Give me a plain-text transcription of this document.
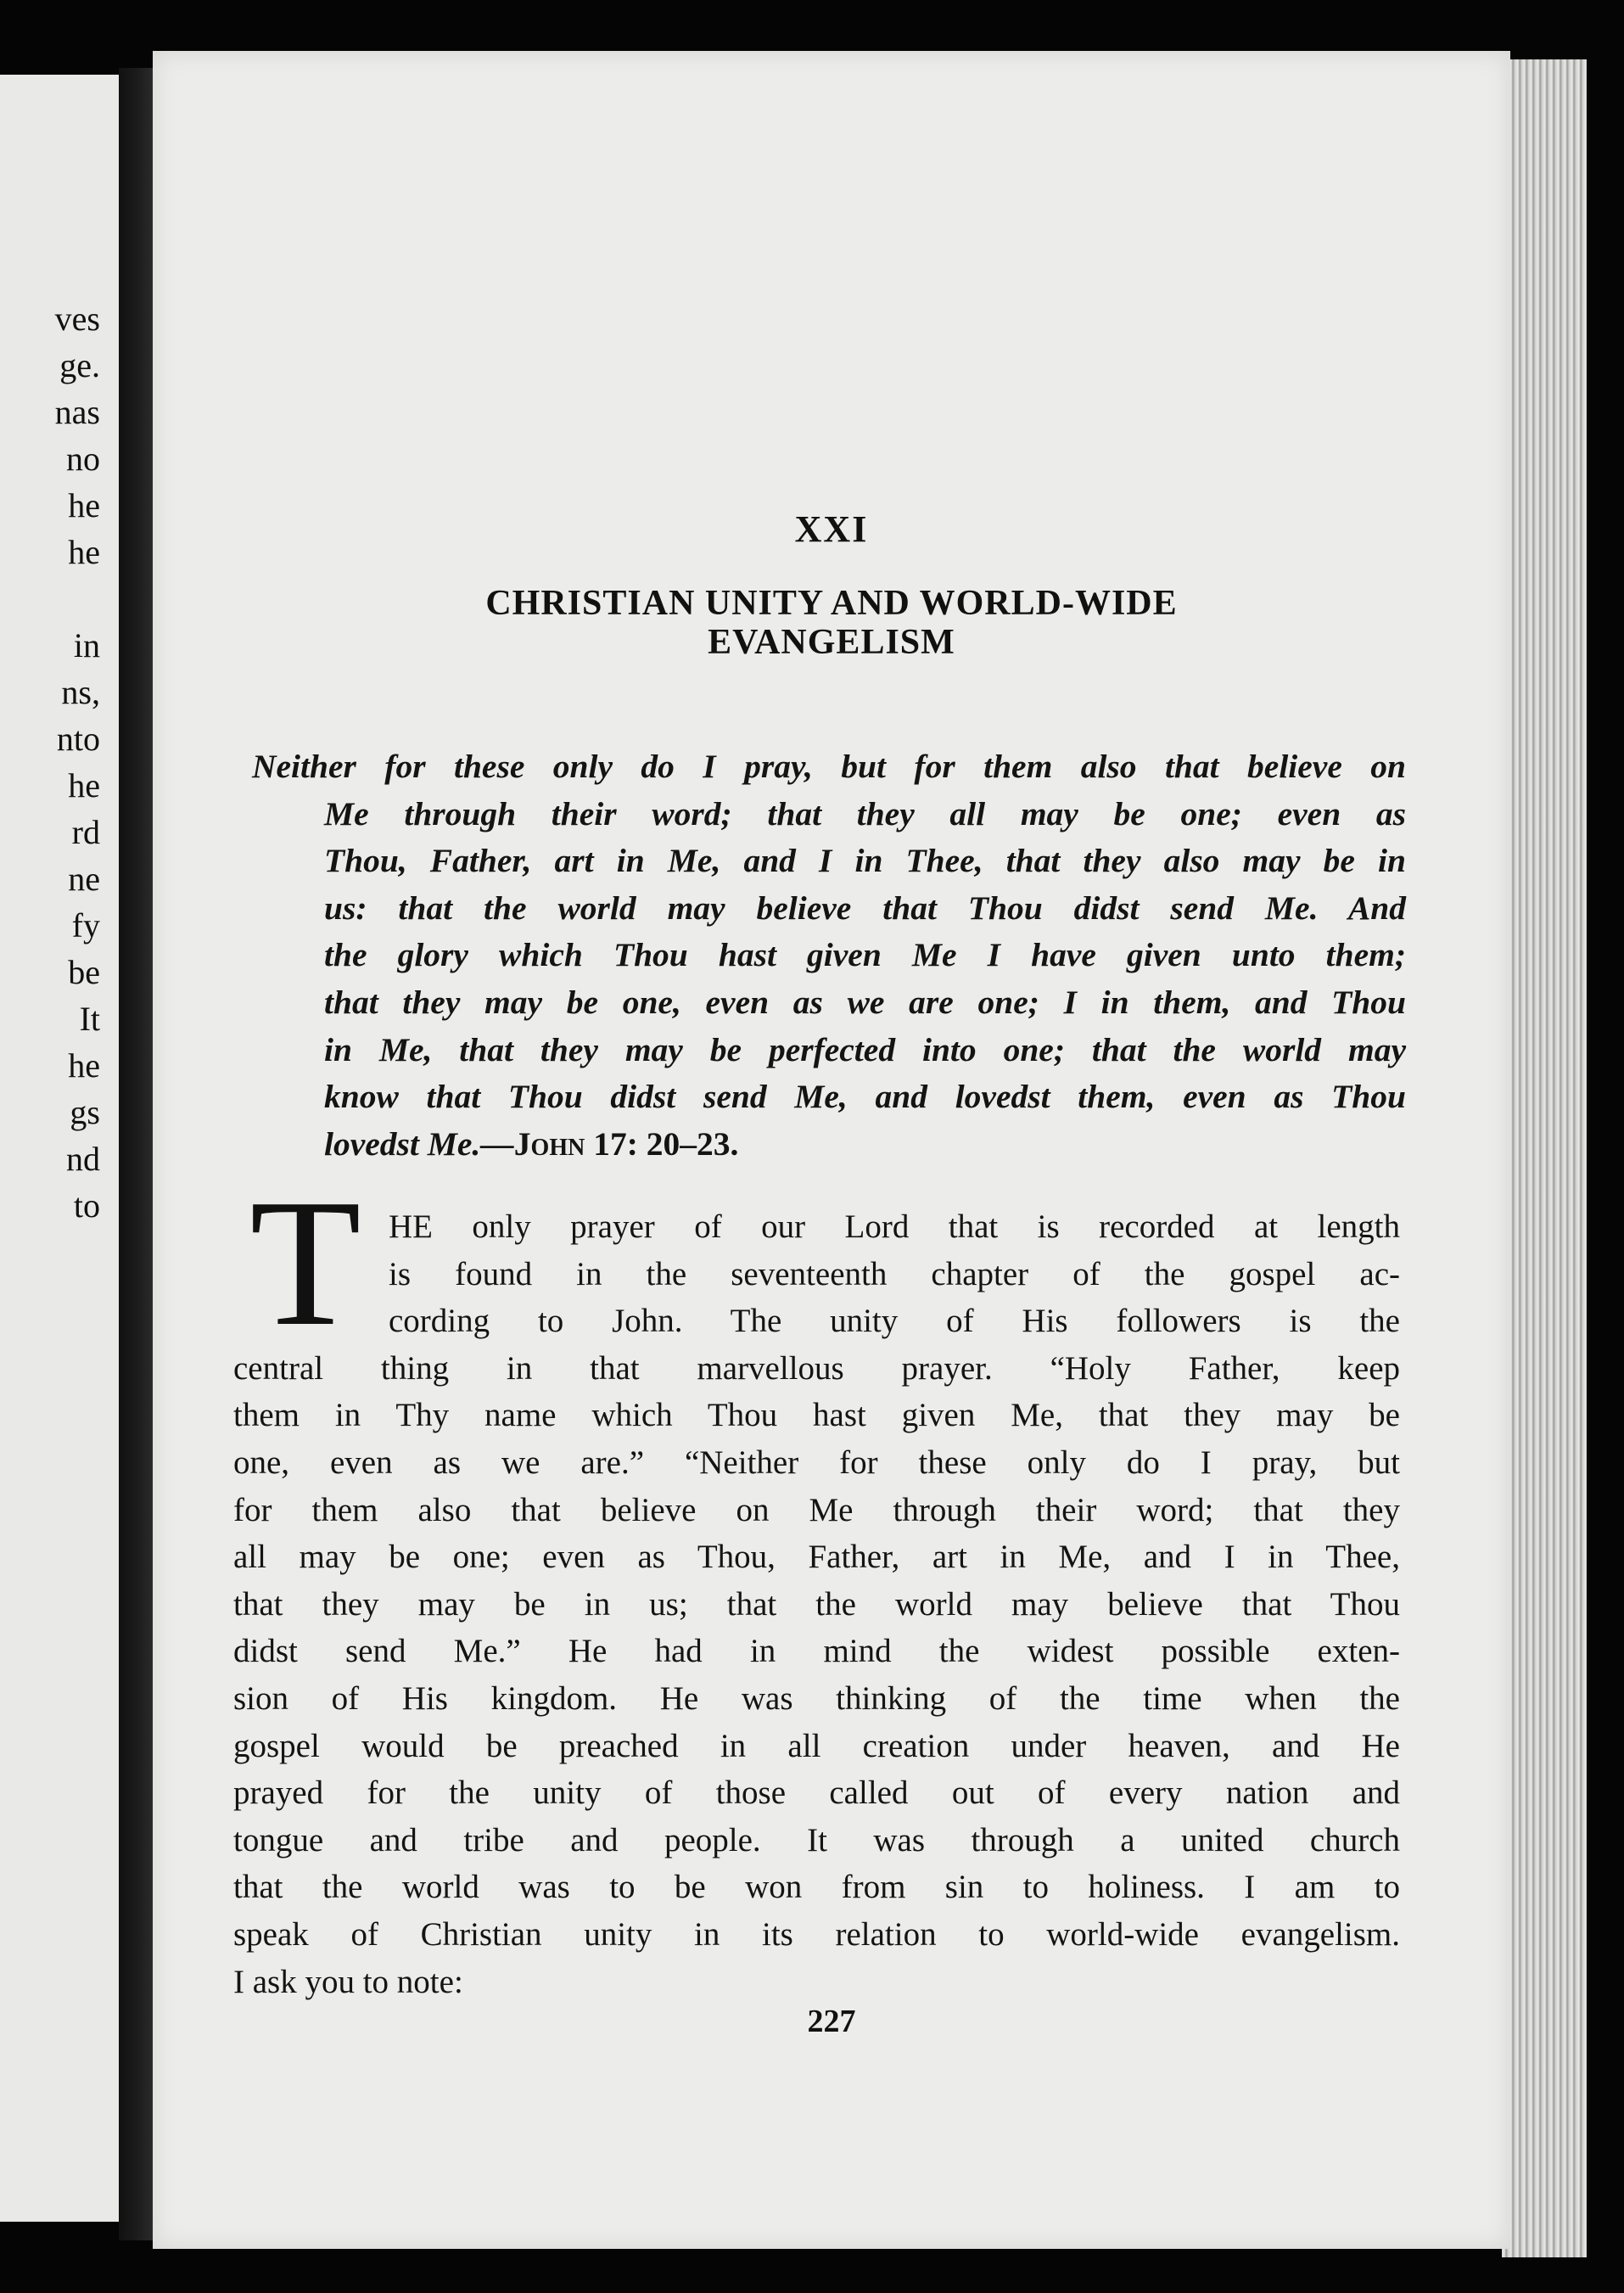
ves
ge.
nas
no
he
he
in
ns,
nto
he
rd
ne
fy
be
It
he
gs
nd
to
XXI
CHRISTIAN UNITY AND WORLD-WIDE
EVANGELISM
Neither for these only do I pray, but for them also that believe on
Me through their word; that they all may be one; even as
Thou, Father, art in Me, and I in Thee, that they also may be in
us: that the world may believe that Thou didst send Me. And
the glory which Thou hast given Me I have given unto them;
that they may be one, even as we are one; I in them, and Thou
in Me, that they may be perfected into one; that the world may
know that Thou didst send Me, and lovedst them, even as Thou
lovedst Me.—John 17: 20–23.
T HE only prayer of our Lord that is recorded at length
is found in the seventeenth chapter of the gospel ac-
cording to John. The unity of His followers is the
central thing in that marvellous prayer. “Holy Father, keep
them in Thy name which Thou hast given Me, that they may be
one, even as we are.” “Neither for these only do I pray, but
for them also that believe on Me through their word; that they
all may be one; even as Thou, Father, art in Me, and I in Thee,
that they may be in us; that the world may believe that Thou
didst send Me.” He had in mind the widest possible exten-
sion of His kingdom. He was thinking of the time when the
gospel would be preached in all creation under heaven, and He
prayed for the unity of those called out of every nation and
tongue and tribe and people. It was through a united church
that the world was to be won from sin to holiness. I am to
speak of Christian unity in its relation to world-wide evangelism.
I ask you to note:
227
